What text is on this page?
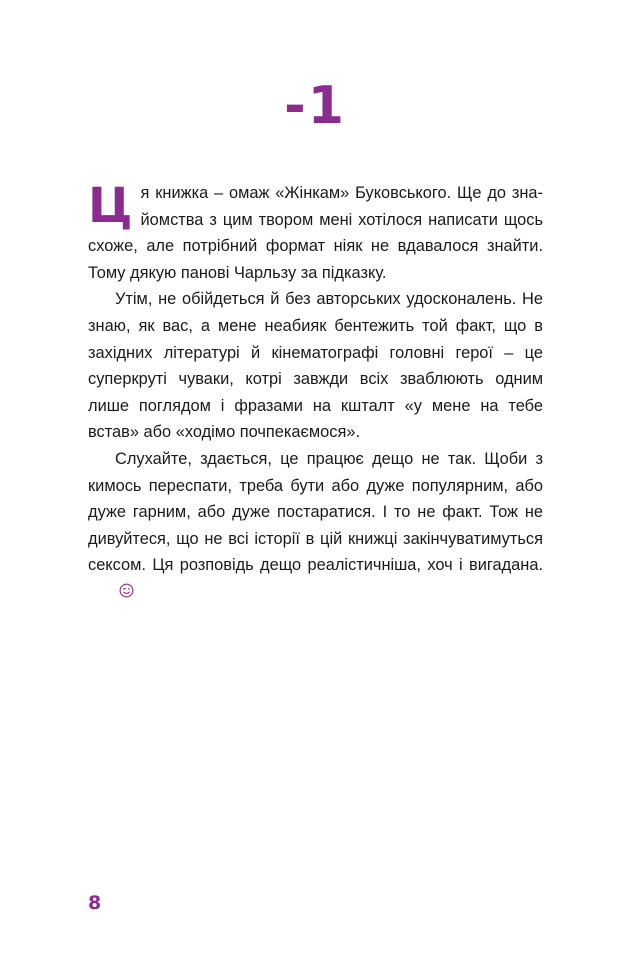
-1

Ця книжка – омаж «Жінкам» Буковського. Ще до знайомства з цим твором мені хотілося написати щось схоже, але потрібний формат ніяк не вдавалося знайти. Тому дякую панові Чарльзу за підказку.

Утім, не обійдеться й без авторських удосконалень. Не знаю, як вас, а мене неабияк бентежить той факт, що в західних літературі й кінематографі головні герої – це суперкруті чуваки, котрі завжди всіх зваблюють одним лише поглядом і фразами на кшталт «у мене на тебе встав» або «ходімо почпекаємося».

Слухайте, здається, це працює дещо не так. Щоби з кимось переспати, треба бути або дуже популярним, або дуже гарним, або дуже постаратися. І то не факт. Тож не дивуйтеся, що не всі історії в цій книжці закінчуватимуться сексом. Ця розповідь дещо реалістичніша, хоч і вигадана.

8
